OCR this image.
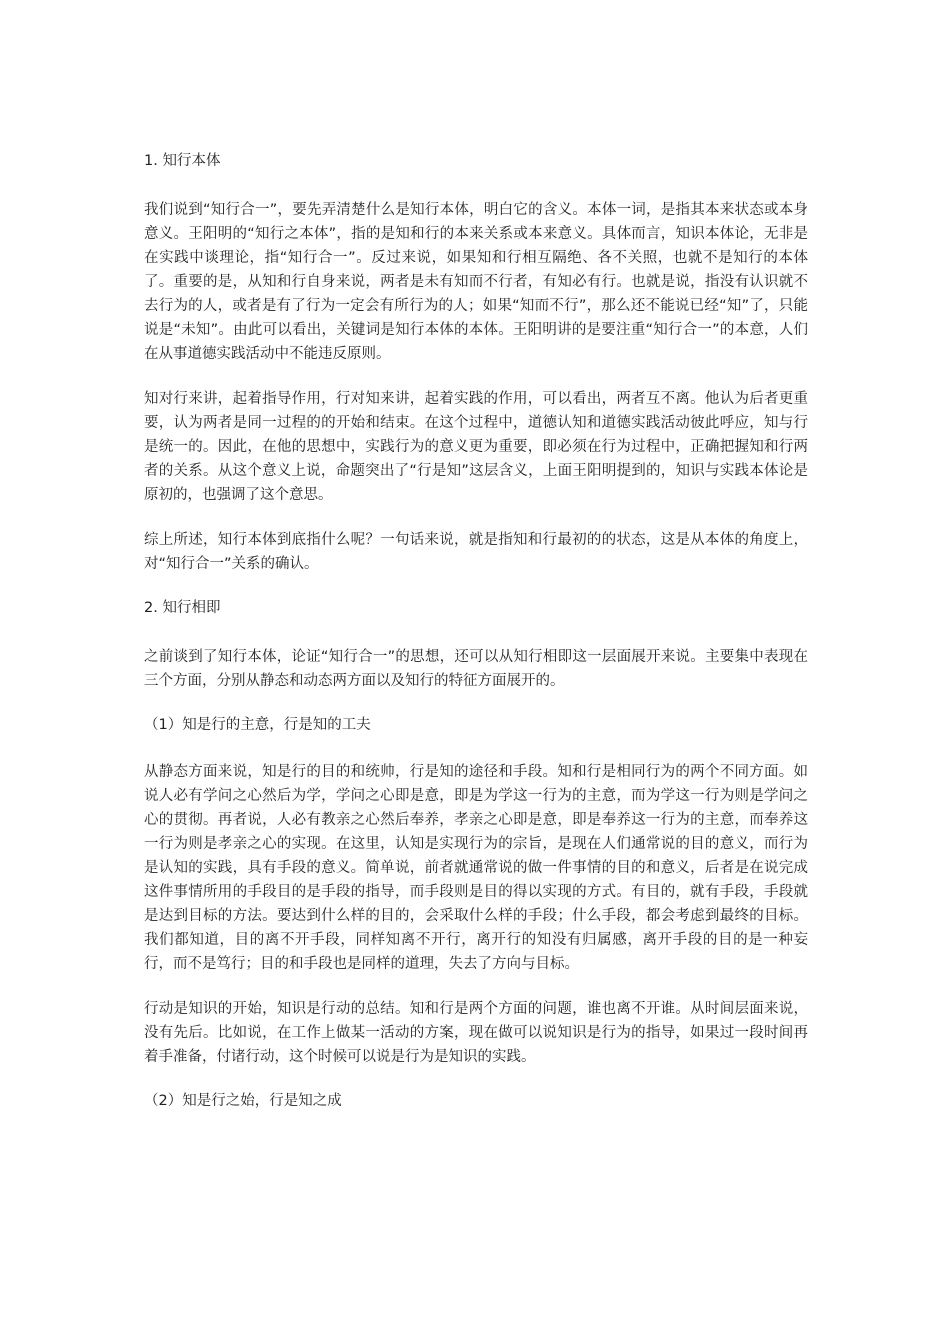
1. 知行本体

我们说到“知行合一”，要先弄清楚什么是知行本体，明白它的含义。本体一词，是指其本来状态或本身意义。王阳明的“知行之本体”，指的是知和行的本来关系或本来意义。具体而言，知识本体论，无非是在实践中谈理论，指“知行合一”。反过来说，如果知和行相互隔绝、各不关照，也就不是知行的本体了。重要的是，从知和行自身来说，两者是未有知而不行者，有知必有行。也就是说，指没有认识就不去行为的人，或者是有了行为一定会有所行为的人；如果“知而不行”，那么还不能说已经“知”了，只能说是“未知”。由此可以看出，关键词是知行本体的本体。王阳明讲的是要注重“知行合一”的本意，人们在从事道德实践活动中不能违反原则。

知对行来讲，起着指导作用，行对知来讲，起着实践的作用，可以看出，两者互不离。他认为后者更重要，认为两者是同一过程的的开始和结束。在这个过程中，道德认知和道德实践活动彼此呼应，知与行是统一的。因此，在他的思想中，实践行为的意义更为重要，即必须在行为过程中，正确把握知和行两者的关系。从这个意义上说，命题突出了“行是知”这层含义，上面王阳明提到的，知识与实践本体论是原初的，也强调了这个意思。

综上所述，知行本体到底指什么呢？一句话来说，就是指知和行最初的的状态，这是从本体的角度上，对“知行合一”关系的确认。

2. 知行相即

之前谈到了知行本体，论证“知行合一”的思想，还可以从知行相即这一层面展开来说。主要集中表现在三个方面，分别从静态和动态两方面以及知行的特征方面展开的。

（1）知是行的主意，行是知的工夫

从静态方面来说，知是行的目的和统帅，行是知的途径和手段。知和行是相同行为的两个不同方面。如说人必有学问之心然后为学，学问之心即是意，即是为学这一行为的主意，而为学这一行为则是学问之心的贯彻。再者说，人必有教亲之心然后奉养，孝亲之心即是意，即是奉养这一行为的主意，而奉养这一行为则是孝亲之心的实现。在这里，认知是实现行为的宗旨，是现在人们通常说的目的意义，而行为是认知的实践，具有手段的意义。简单说，前者就通常说的做一件事情的目的和意义，后者是在说完成这件事情所用的手段目的是手段的指导，而手段则是目的得以实现的方式。有目的，就有手段，手段就是达到目标的方法。要达到什么样的目的，会采取什么样的手段；什么手段，都会考虑到最终的目标。我们都知道，目的离不开手段，同样知离不开行，离开行的知没有归属感，离开手段的目的是一种妄行，而不是笃行；目的和手段也是同样的道理，失去了方向与目标。

行动是知识的开始，知识是行动的总结。知和行是两个方面的问题，谁也离不开谁。从时间层面来说，没有先后。比如说，在工作上做某一活动的方案，现在做可以说知识是行为的指导，如果过一段时间再着手准备，付诸行动，这个时候可以说是行为是知识的实践。

（2）知是行之始，行是知之成
